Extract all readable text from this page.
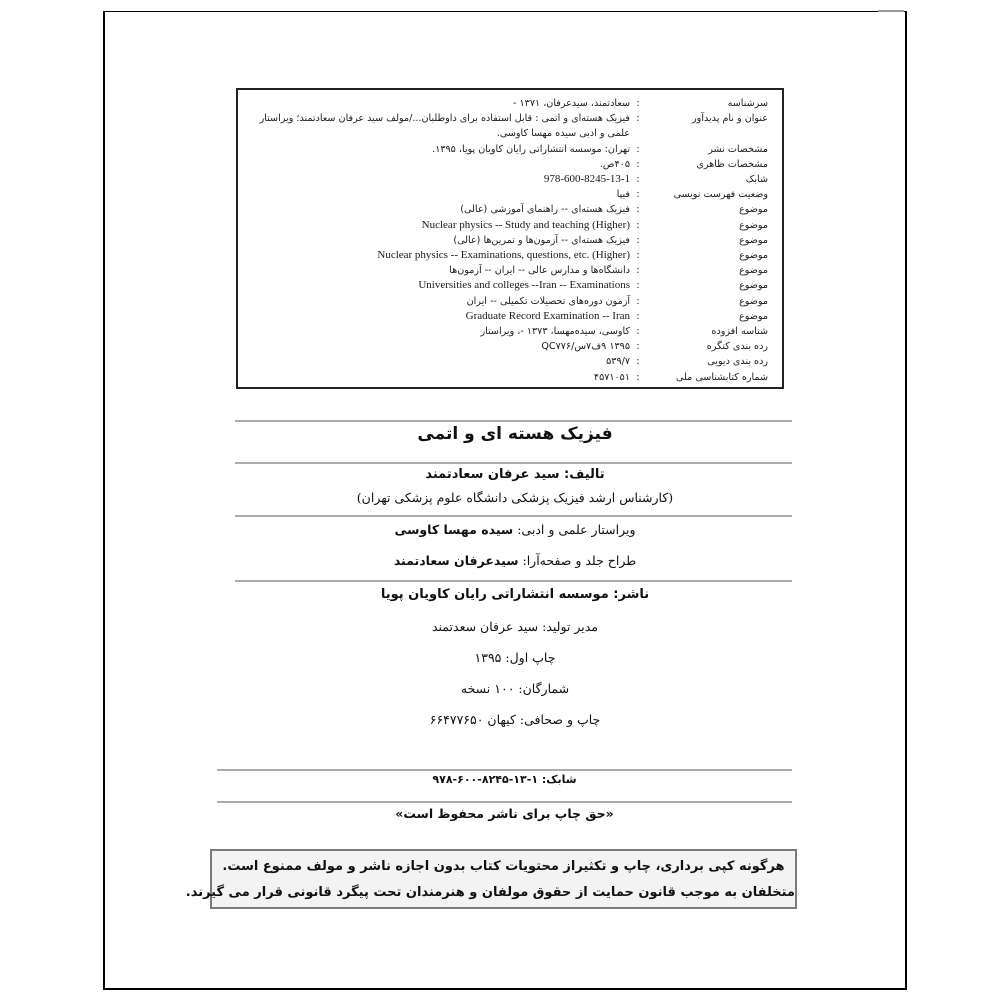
سرشناسه
:
سعادتمند، سیدعرفان، ۱۳۷۱ -
عنوان و نام پدیدآور
:
فیزیک هسته‌ای و اتمی : قابل استفاده برای داوطلبان.../مولف سید عرفان سعادتمند؛ ویراستار علمی و ادبی سیده مهسا کاوسی.
مشخصات نشر
:
تهران: موسسه انتشاراتی رایان کاویان پویا، ۱۳۹۵.
مشخصات ظاهری
:
۴۰۵ص.
شابک
:
978-600-8245-13-1
وضعیت فهرست نویسی
:
فیپا
موضوع
:
فیزیک هسته‌ای -- راهنمای آموزشی (عالی)
موضوع
:
Nuclear physics -- Study and teaching (Higher)
موضوع
:
فیزیک هسته‌ای -- آزمون‌ها و تمرین‌ها (عالی)
موضوع
:
Nuclear physics -- Examinations, questions, etc. (Higher)
موضوع
:
دانشگاه‌ها و مدارس عالی -- ایران -- آزمون‌ها
موضوع
:
Universities and colleges --Iran -- Examinations
موضوع
:
آزمون دوره‌های تحصیلات تکمیلی -- ایران
موضوع
:
Graduate Record Examination -- Iran
شناسه افزوده
:
کاوسی، سیده‌مهسا، ۱۳۷۳ -، ویراستار
رده بندی کنگره
:
۱۳۹۵ ۹ف۷س/QC۷۷۶
رده بندی دیویی
:
۵۳۹/۷
شماره کتابشناسی ملی
:
۴۵۷۱۰۵۱
فیزیک هسته ای و اتمی
تالیف: سید عرفان سعادتمند
(کارشناس ارشد فیزیک پزشکی دانشگاه علوم پزشکی تهران)
ویراستار علمی و ادبی: سیده مهسا کاوسی
طراح جلد و صفحه‌آرا: سیدعرفان سعادتمند
ناشر: موسسه انتشاراتی رایان کاویان پویا
مدیر تولید: سید عرفان سعدتمند
چاپ اول: ۱۳۹۵
شمارگان: ۱۰۰ نسخه
چاپ و صحافی: کیهان ۶۶۴۷۷۶۵۰
شابک: ۱-۱۳-۸۲۴۵-۶۰۰-۹۷۸
«حق چاپ برای ناشر محفوظ است»
هرگونه کپی برداری، چاپ و تکثیراز محتویات کتاب بدون اجازه ناشر و مولف ممنوع است.
متخلفان به موجب قانون حمایت از حقوق مولفان و هنرمندان تحت پیگرد قانونی قرار می گیرند.
